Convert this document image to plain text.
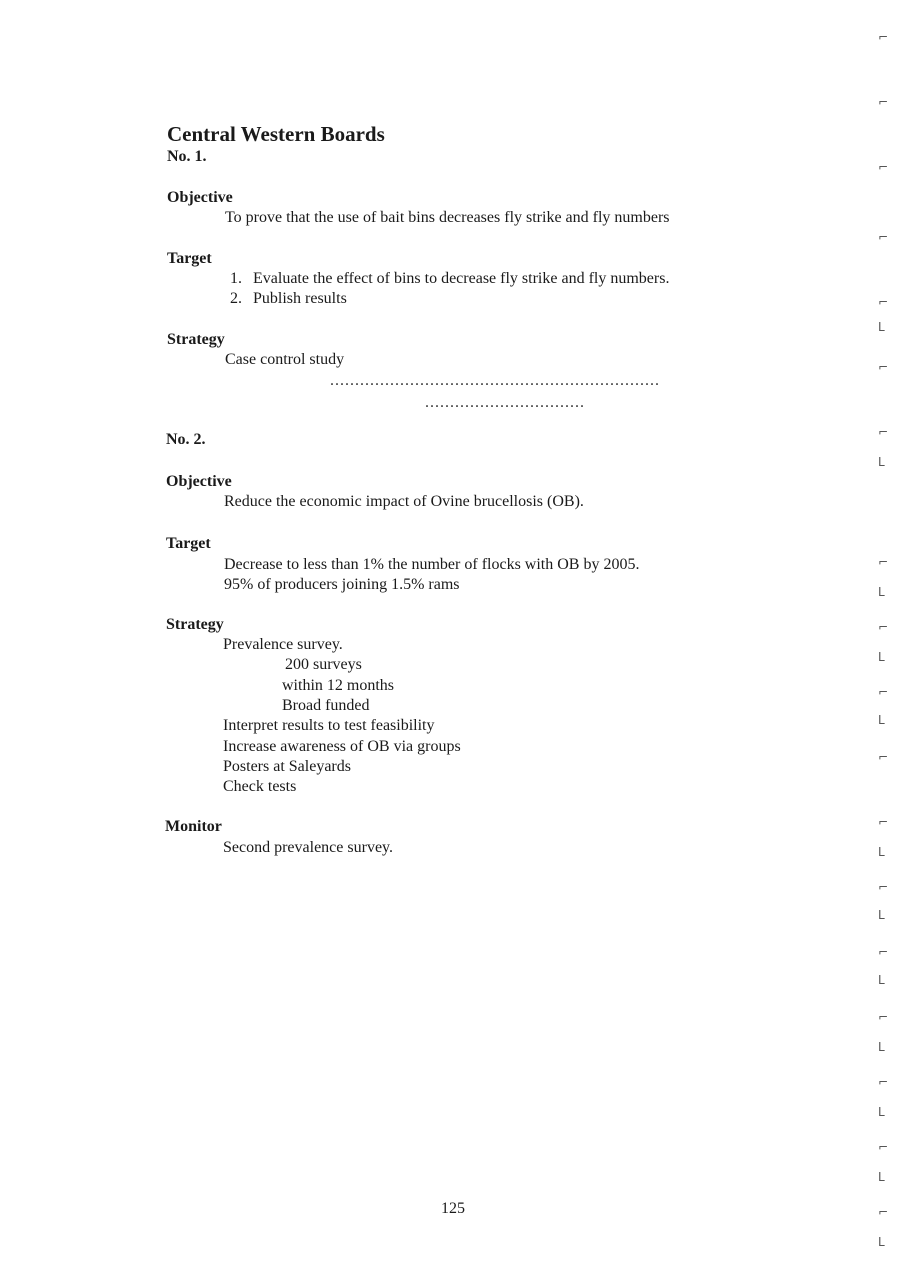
Central Western Boards
No. 1.
Objective
To prove that the use of bait bins decreases fly strike and fly numbers
Target
1. Evaluate the effect of bins to decrease fly strike and fly numbers.
2. Publish results
Strategy
Case control study
..................................................................
................................
No. 2.
Objective
Reduce the economic impact of Ovine brucellosis (OB).
Target
Decrease to less than 1% the number of flocks with OB by 2005.
95% of producers joining 1.5% rams
Strategy
Prevalence survey.
200 surveys
within 12 months
Broad funded
Interpret results to test feasibility
Increase awareness of OB via groups
Posters at Saleyards
Check tests
Monitor
Second prevalence survey.
125
⌐
⌐
⌐
⌐
⌐
L
⌐
⌐
L
⌐
L
⌐
L
⌐
L
⌐
⌐
L
⌐
L
⌐
L
⌐
L
⌐
L
⌐
L
⌐
L
